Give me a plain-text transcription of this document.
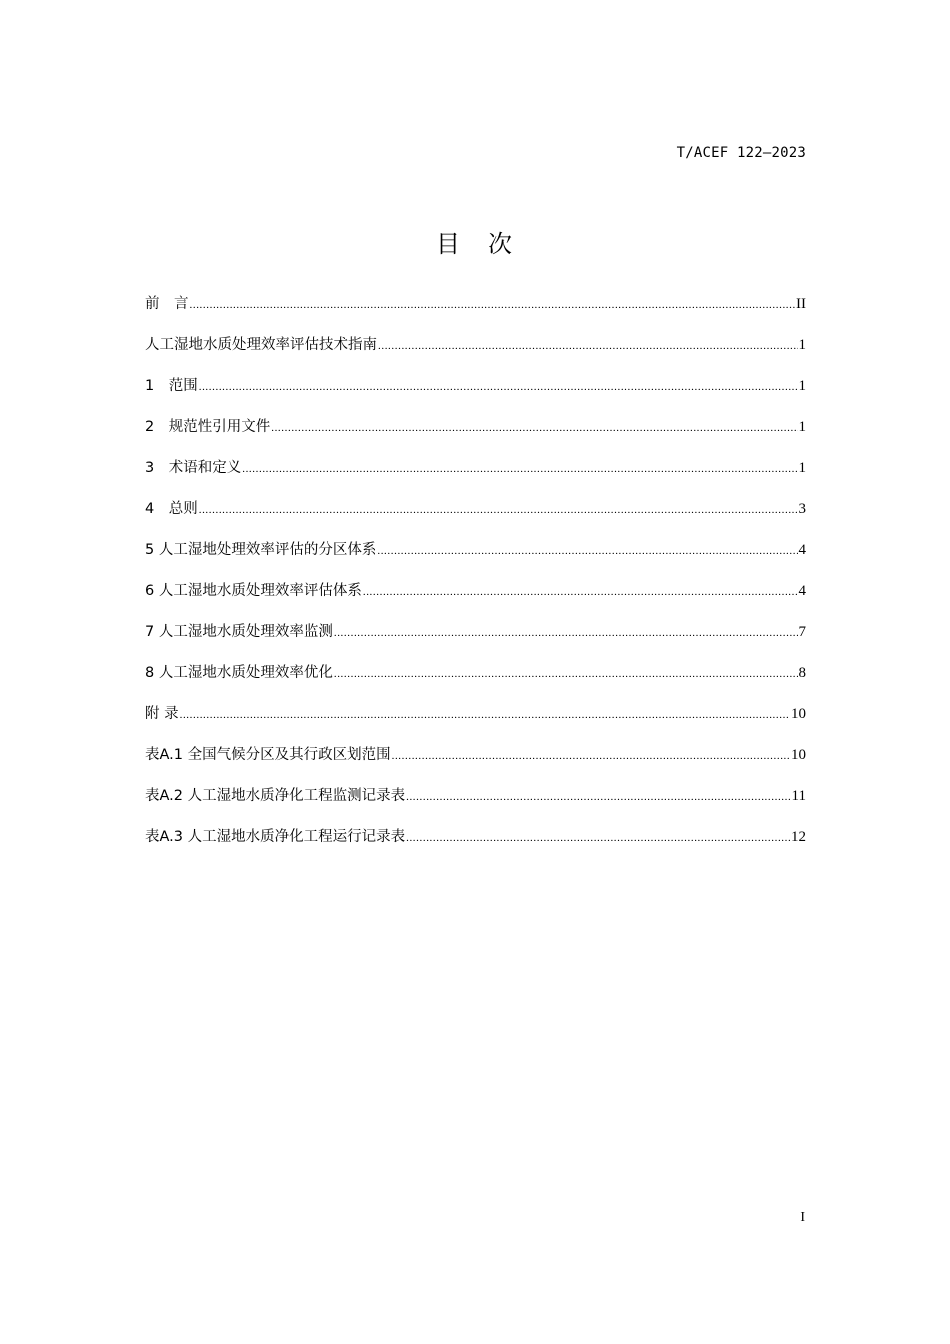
T/ACEF 122—2023
目　次
前　言 .....	II
人工湿地水质处理效率评估技术指南 .....	1
1　范围 .....	1
2　规范性引用文件 .....	1
3　术语和定义 .....	1
4　总则 .....	3
5 人工湿地处理效率评估的分区体系 .....	4
6 人工湿地水质处理效率评估体系 .....	4
7 人工湿地水质处理效率监测 .....	7
8 人工湿地水质处理效率优化 .....	8
附 录 .....	10
表A.1 全国气候分区及其行政区划范围 .....	10
表A.2 人工湿地水质净化工程监测记录表 .....	11
表A.3 人工湿地水质净化工程运行记录表 .....	12
I
